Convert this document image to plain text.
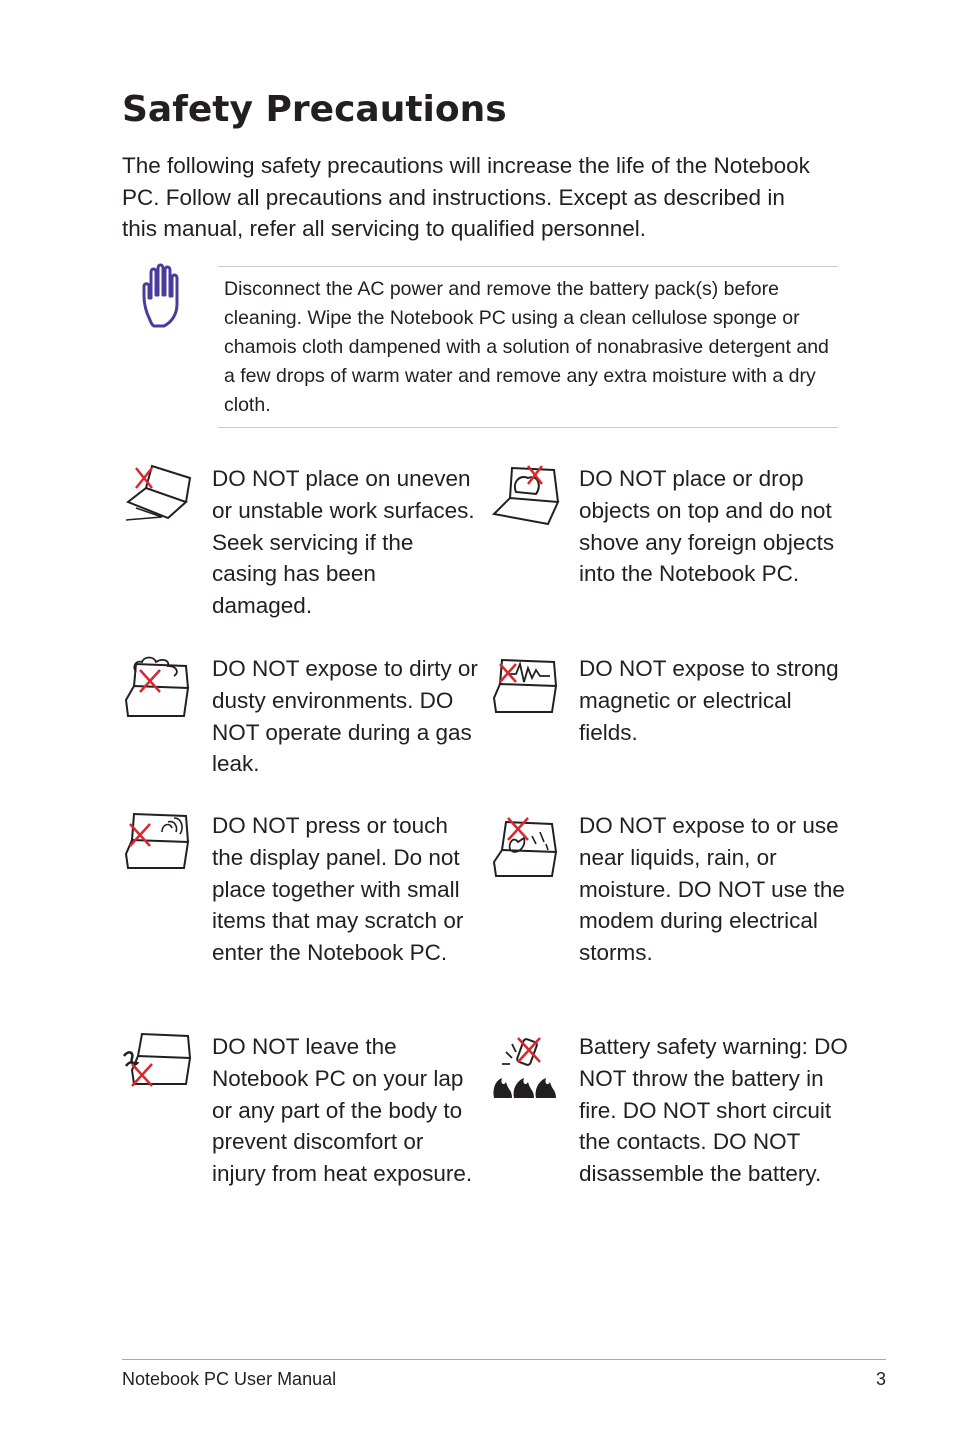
Safety Precautions

The following safety precautions will increase the life of the Notebook PC. Follow all precautions and instructions. Except as described in this manual, refer all servicing to qualified personnel.

Disconnect the AC power and remove the battery pack(s) before cleaning. Wipe the Notebook PC using a clean cellulose sponge or chamois cloth dampened with a solution of nonabrasive detergent and a few drops of warm water and remove any extra moisture with a dry cloth.

DO NOT place on uneven or unstable work surfaces. Seek servicing if the casing has been damaged.

DO NOT place or drop objects on top and do not shove any foreign objects into the Notebook PC.

DO NOT expose to dirty or dusty environments. DO NOT operate during a gas leak.

DO NOT expose to strong magnetic or electrical fields.

DO NOT press or touch the display panel. Do not place together with small items that may scratch or enter the Notebook PC.

DO NOT expose to or use near liquids, rain, or moisture. DO NOT use the modem during electrical storms.

DO NOT leave the Notebook PC on your lap or any part of the body to prevent discomfort or injury from heat exposure.

Battery safety warning: DO NOT throw the battery in fire. DO NOT short circuit the contacts. DO NOT disassemble the battery.

Notebook PC User Manual	3
